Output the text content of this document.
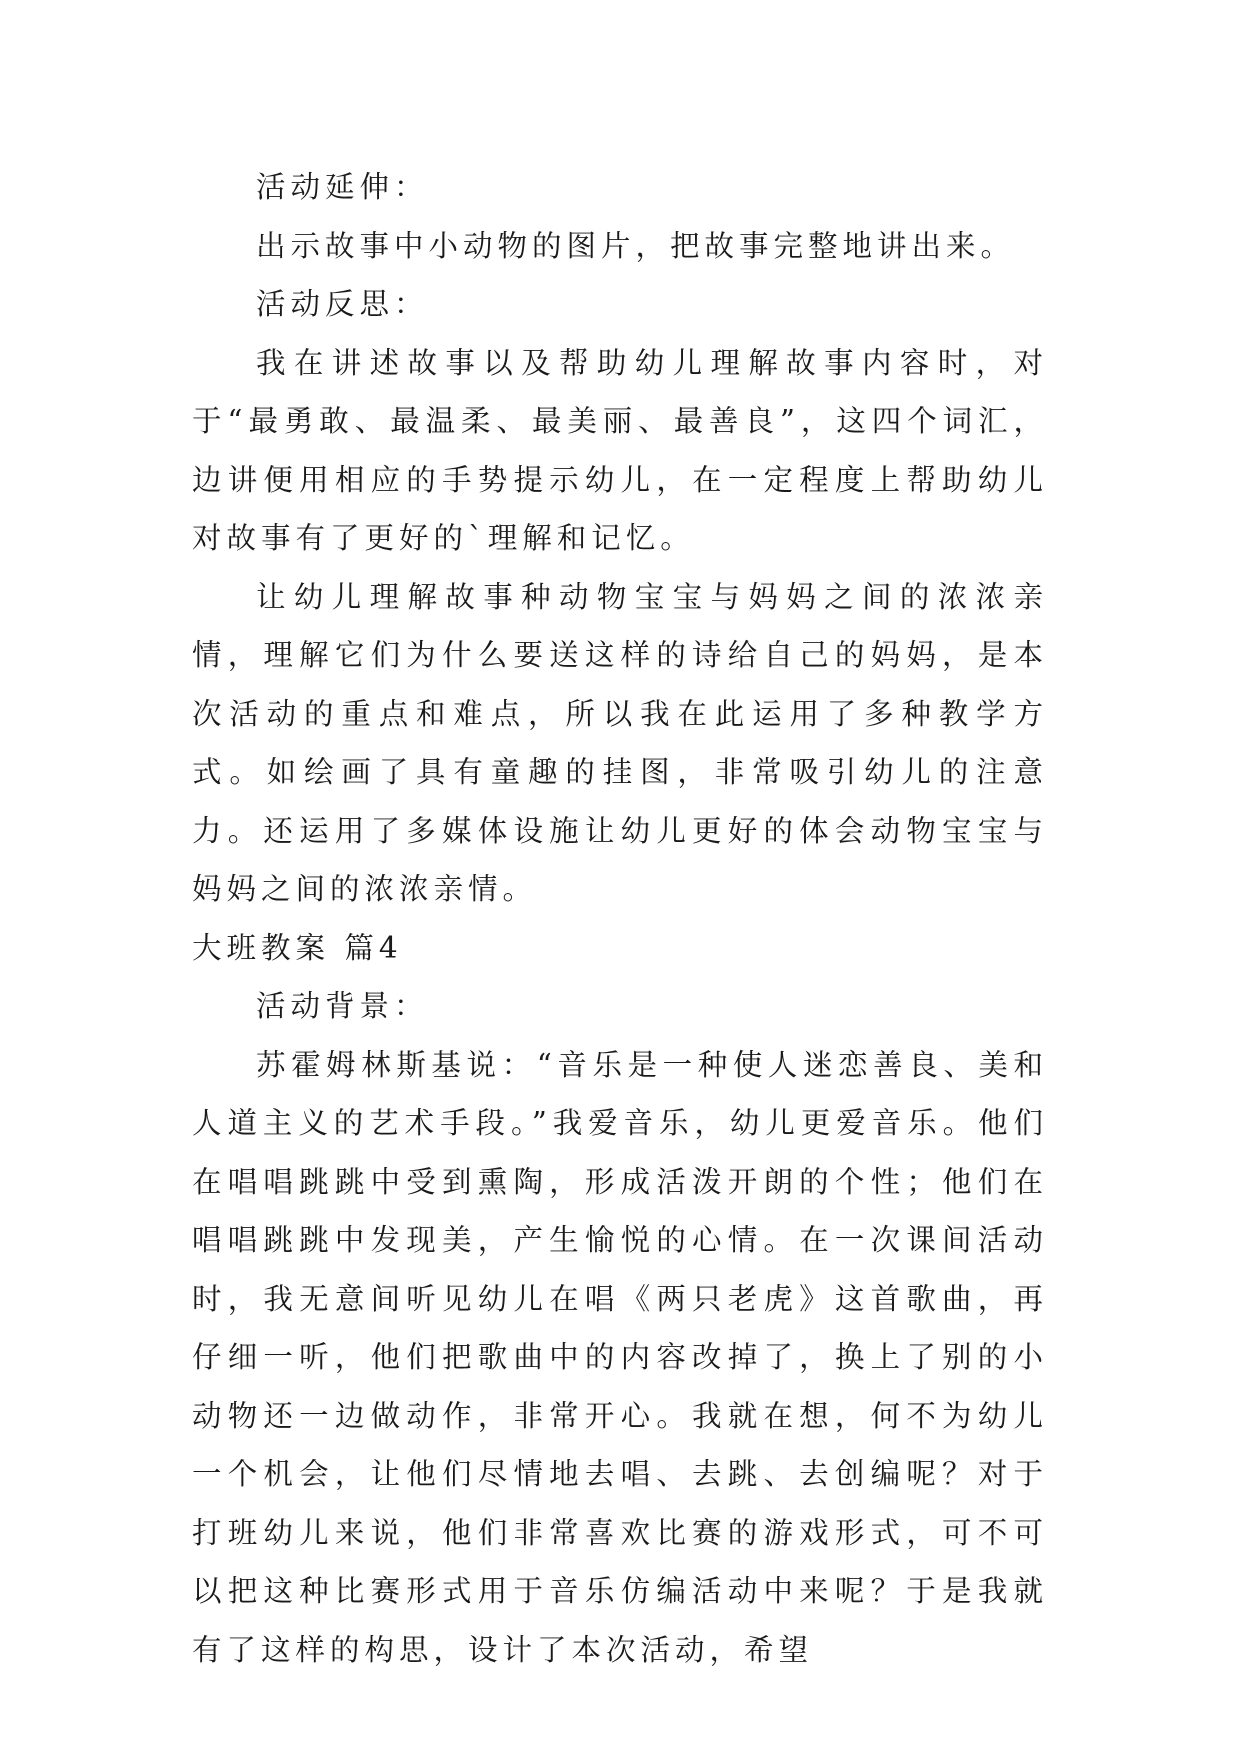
活动延伸：

出示故事中小动物的图片，把故事完整地讲出来。

活动反思：

我在讲述故事以及帮助幼儿理解故事内容时，对于“最勇敢、最温柔、最美丽、最善良”，这四个词汇，边讲便用相应的手势提示幼儿，在一定程度上帮助幼儿对故事有了更好的`理解和记忆。

让幼儿理解故事种动物宝宝与妈妈之间的浓浓亲情，理解它们为什么要送这样的诗给自己的妈妈，是本次活动的重点和难点，所以我在此运用了多种教学方式。如绘画了具有童趣的挂图，非常吸引幼儿的注意力。还运用了多媒体设施让幼儿更好的体会动物宝宝与妈妈之间的浓浓亲情。

大班教案 篇4

活动背景：

苏霍姆林斯基说：“音乐是一种使人迷恋善良、美和人道主义的艺术手段。”我爱音乐，幼儿更爱音乐。他们在唱唱跳跳中受到熏陶，形成活泼开朗的个性；他们在唱唱跳跳中发现美，产生愉悦的心情。在一次课间活动时，我无意间听见幼儿在唱《两只老虎》这首歌曲，再仔细一听，他们把歌曲中的内容改掉了，换上了别的小动物还一边做动作，非常开心。我就在想，何不为幼儿一个机会，让他们尽情地去唱、去跳、去创编呢？对于打班幼儿来说，他们非常喜欢比赛的游戏形式，可不可以把这种比赛形式用于音乐仿编活动中来呢？于是我就有了这样的构思，设计了本次活动，希望
